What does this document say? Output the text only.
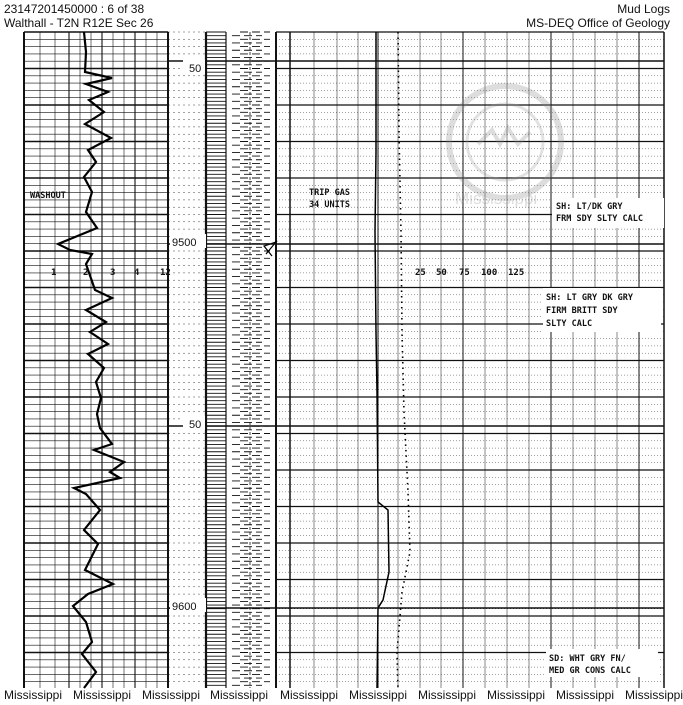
23147201450000 : 6 of 38
Walthall - T2N R12E Sec 26
Mud Logs
MS-DEQ Office of Geology
Mississippi
WASHOUT
1	2 3 4 12
50
9500
50
9600
TRIP GAS
34 UNITS
25 50 75 100 125
SH: LT/DK GRY
FRM SDY SLTY CALC
SH: LT GRY DK GRY
FIRM BRITT SDY
SLTY CALC
SD: WHT GRY FN/
MED GR CONS CALC
Mississippi Mississippi Mississippi Mississippi Mississippi Mississippi Mississippi Mississippi Mississippi Mississippi
